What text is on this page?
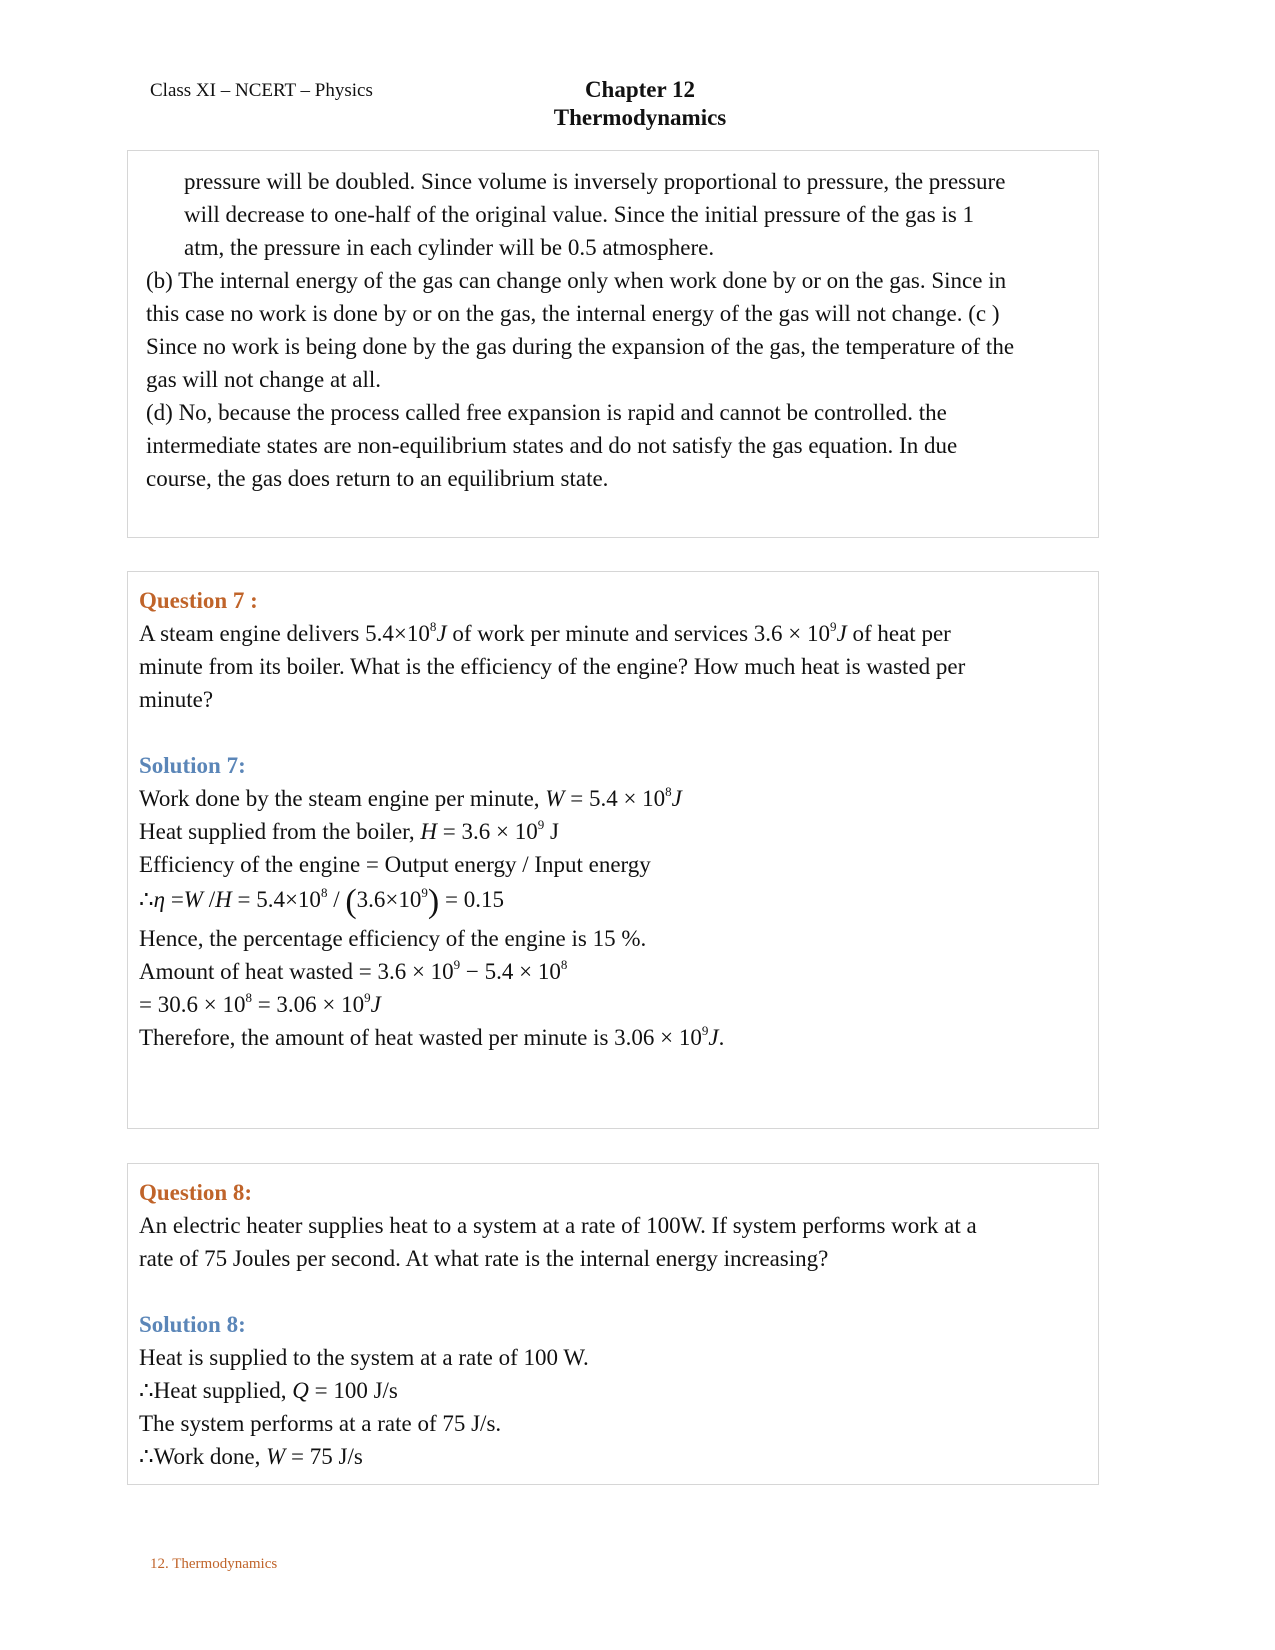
Class XI – NCERT – Physics	Chapter 12
Thermodynamics

pressure will be doubled. Since volume is inversely proportional to pressure, the pressure

will decrease to one-half of the original value. Since the initial pressure of the gas is 1

atm, the pressure in each cylinder will be 0.5 atmosphere.

(b) The internal energy of the gas can change only when work done by or on the gas. Since in

this case no work is done by or on the gas, the internal energy of the gas will not change. (c )

Since no work is being done by the gas during the expansion of the gas, the temperature of the

gas will not change at all.

(d) No, because the process called free expansion is rapid and cannot be controlled. the

intermediate states are non-equilibrium states and do not satisfy the gas equation. In due

course, the gas does return to an equilibrium state.

Question 7 :

A steam engine delivers $5.4\times 10^8J$ of work per minute and services $3.6 \times 10^9J$ of heat per

minute from its boiler. What is the efficiency of the engine? How much heat is wasted per

minute?

Solution 7:

Work done by the steam engine per minute, $W = 5.4 \times 10^8J$

Heat supplied from the boiler, $H = 3.6 \times 10^9$ J

Efficiency of the engine = Output energy / Input energy

∴η =W $/H = 5.4\times 10^8 / (3.6\times 10^9) = 0.15$

Hence, the percentage efficiency of the engine is 15 %.

Amount of heat wasted = $3.6 \times 10^9 - 5.4 \times 10^8$

= $30.6 \times 10^8 = 3.06 \times 10^9J$

Therefore, the amount of heat wasted per minute is $3.06 \times 10^9J$.

Question 8:

An electric heater supplies heat to a system at a rate of 100W. If system performs work at a

rate of 75 Joules per second. At what rate is the internal energy increasing?

Solution 8:

Heat is supplied to the system at a rate of 100 W.

∴Heat supplied, Q = 100 J/s

The system performs at a rate of 75 J/s.

∴Work done, W = 75 J/s

12. Thermodynamics
